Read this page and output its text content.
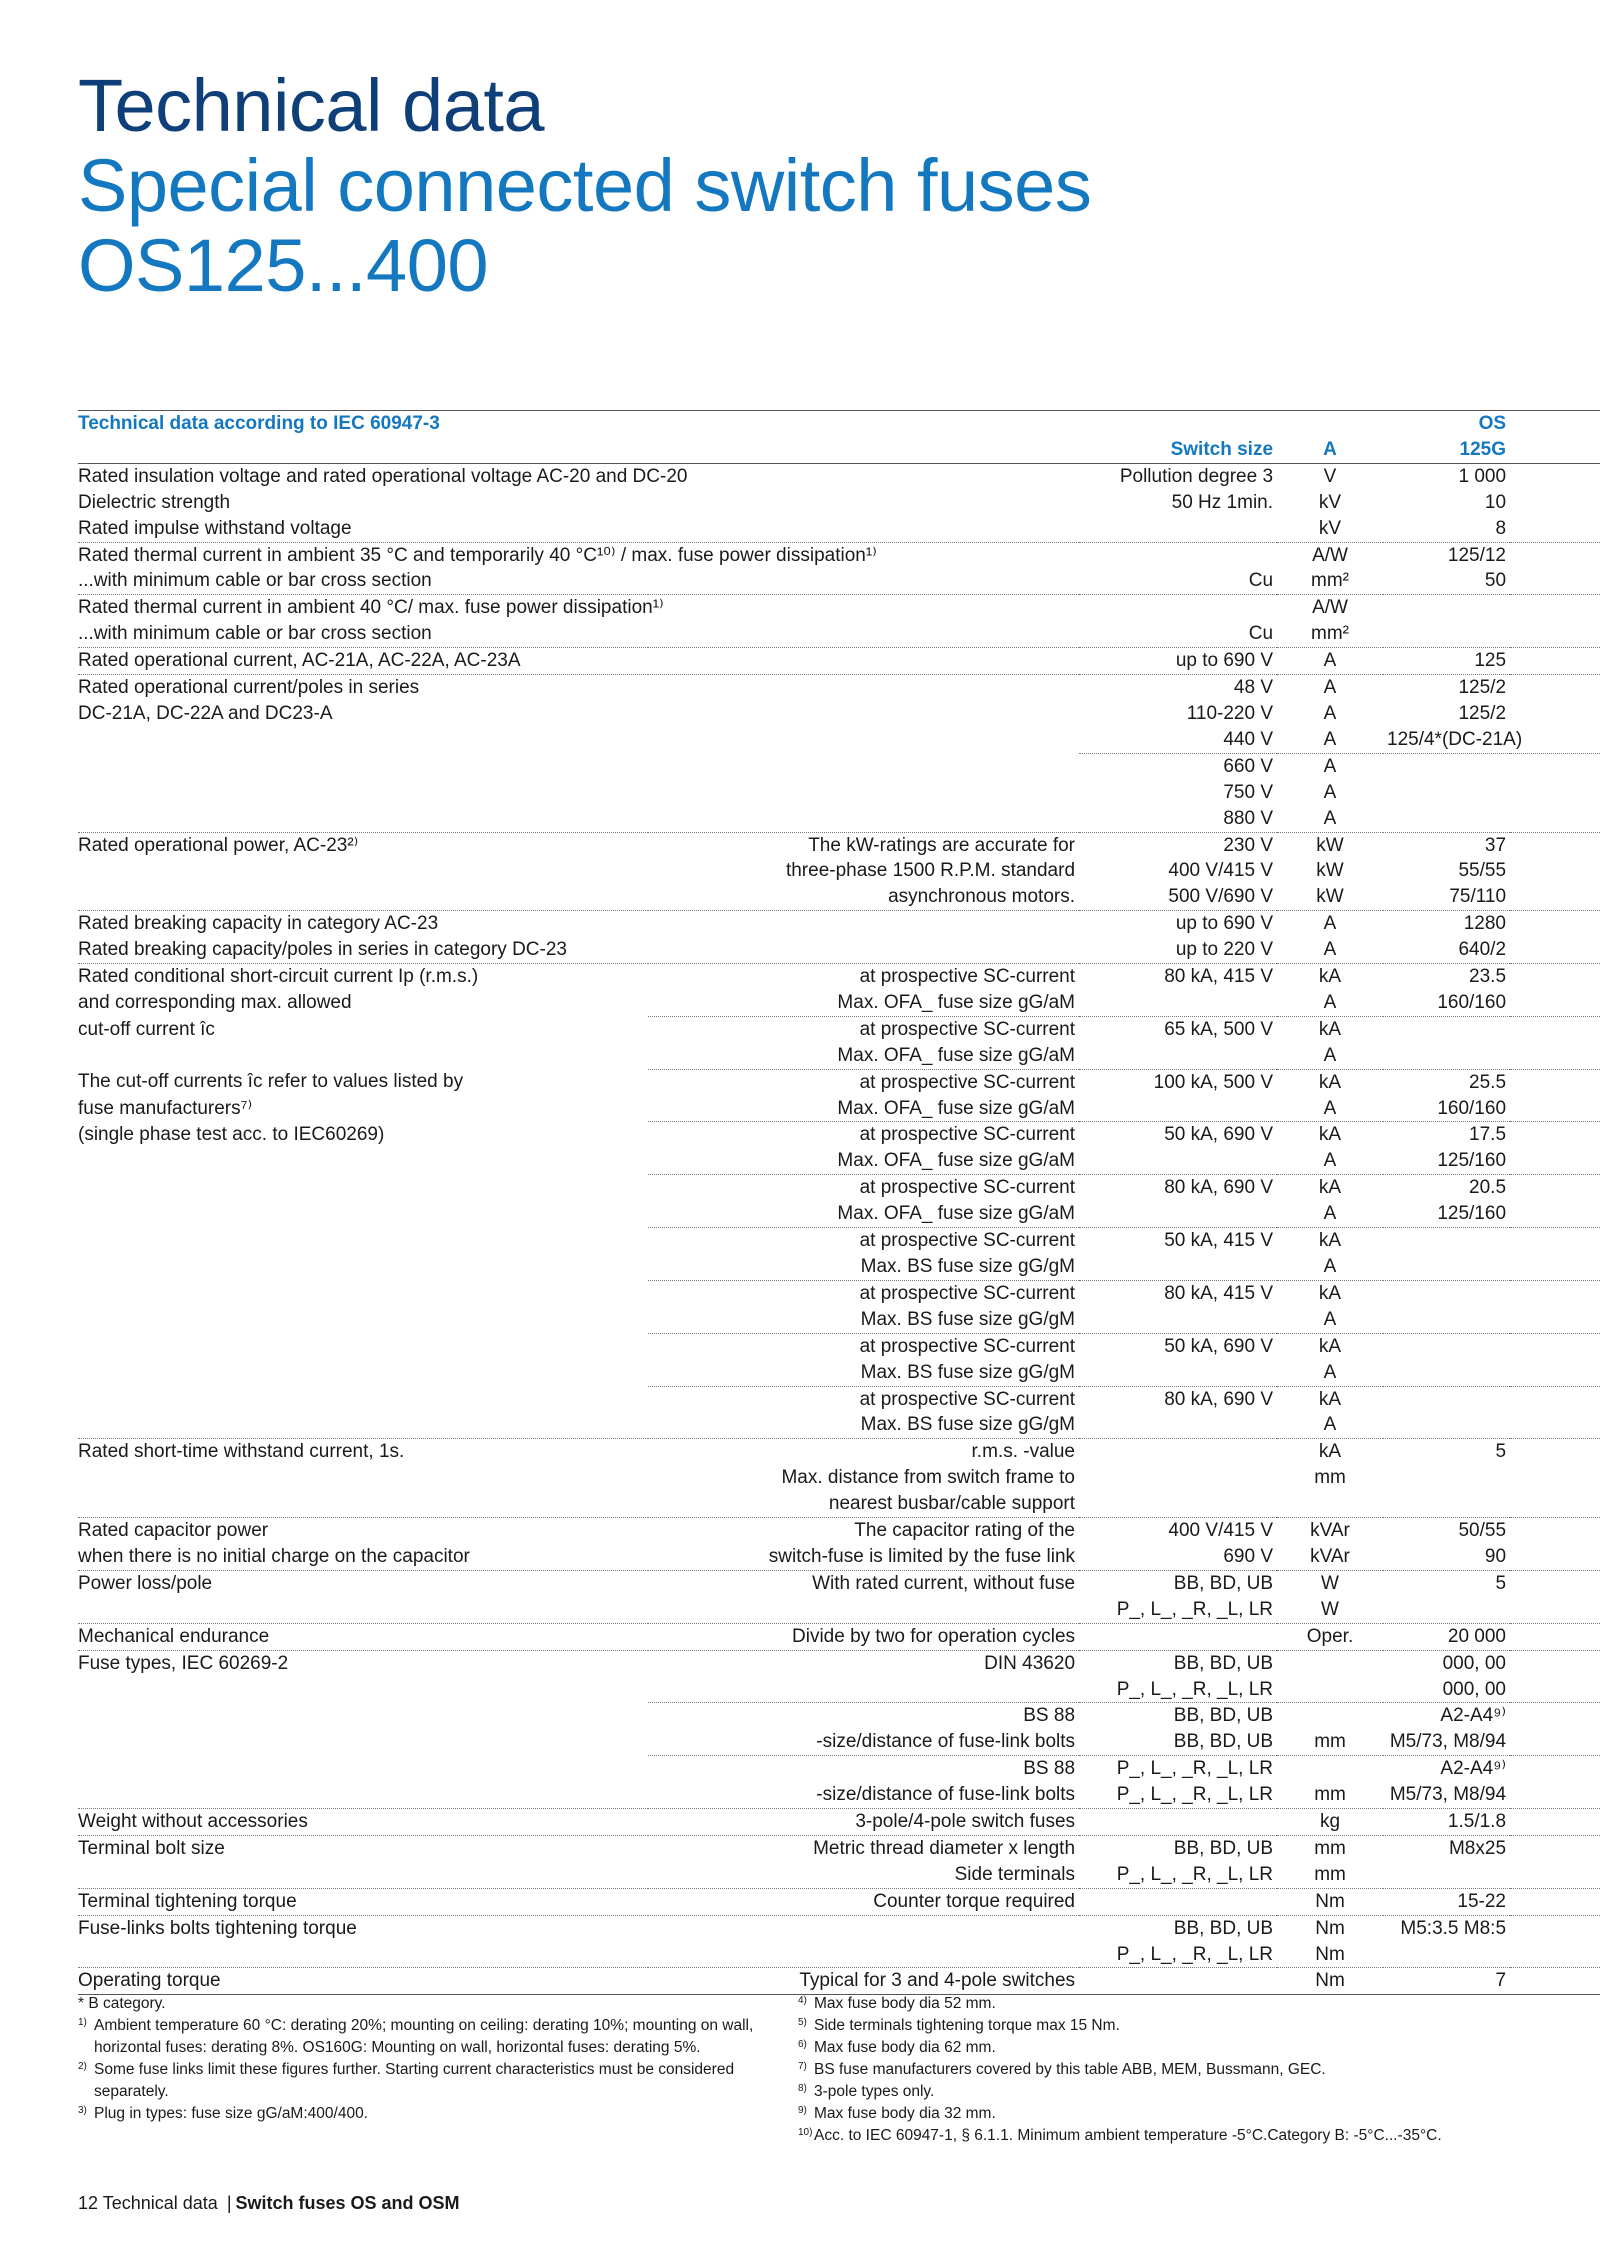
Technical data
Special connected switch fuses
OS125...400
Technical data according to IEC 60947-3				OS	
		Switch size	A	125G	
Rated insulation voltage and rated operational voltage AC-20 and DC-20		Pollution degree 3	V	1 000	
Dielectric strength		50 Hz 1min.	kV	10	
Rated impulse withstand voltage			kV	8	
Rated thermal current in ambient 35 °C and temporarily 40 °C¹⁰⁾ / max. fuse power dissipation¹⁾			A/W	125/12	
...with minimum cable or bar cross section		Cu	mm²	50	
Rated thermal current in ambient 40 °C/ max. fuse power dissipation¹⁾			A/W		
...with minimum cable or bar cross section		Cu	mm²		
Rated operational current, AC-21A, AC-22A, AC-23A		up to 690 V	A	125	
Rated operational current/poles in series		48 V	A	125/2	
DC-21A, DC-22A and DC23-A		110-220 V	A	125/2	
		440 V	A	125/4*(DC-21A)	
		660 V	A		
		750 V	A		
		880 V	A		
Rated operational power, AC-23²⁾	The kW-ratings are accurate for	230 V	kW	37	
	three-phase 1500 R.P.M. standard	400 V/415 V	kW	55/55	
	asynchronous motors.	500 V/690 V	kW	75/110	
Rated breaking capacity in category AC-23		up to 690 V	A	1280	
Rated breaking capacity/poles in series in category DC-23		up to 220 V	A	640/2	
Rated conditional short-circuit current Ip (r.m.s.)	at prospective SC-current	80 kA, 415 V	kA	23.5	
and corresponding max. allowed	Max. OFA_ fuse size gG/aM		A	160/160	
cut-off current îc	at prospective SC-current	65 kA, 500 V	kA		
	Max. OFA_ fuse size gG/aM		A		
The cut-off currents îc refer to values listed by	at prospective SC-current	100 kA, 500 V	kA	25.5	
fuse manufacturers⁷⁾	Max. OFA_ fuse size gG/aM		A	160/160	
(single phase test acc. to IEC60269)	at prospective SC-current	50 kA, 690 V	kA	17.5	
	Max. OFA_ fuse size gG/aM		A	125/160	
	at prospective SC-current	80 kA, 690 V	kA	20.5	
	Max. OFA_ fuse size gG/aM		A	125/160	
	at prospective SC-current	50 kA, 415 V	kA		
	Max. BS fuse size gG/gM		A		
	at prospective SC-current	80 kA, 415 V	kA		
	Max. BS fuse size gG/gM		A		
	at prospective SC-current	50 kA, 690 V	kA		
	Max. BS fuse size gG/gM		A		
	at prospective SC-current	80 kA, 690 V	kA		
	Max. BS fuse size gG/gM		A		
Rated short-time withstand current, 1s.	r.m.s. -value		kA	5	
	Max. distance from switch frame to		mm		
	nearest busbar/cable support				
Rated capacitor power	The capacitor rating of the	400 V/415 V	kVAr	50/55	
when there is no initial charge on the capacitor	switch-fuse is limited by the fuse link	690 V	kVAr	90	
Power loss/pole	With rated current, without fuse	BB, BD, UB	W	5	
		P_, L_, _R, _L, LR	W		
Mechanical endurance	Divide by two for operation cycles		Oper.	20 000	
Fuse types, IEC 60269-2	DIN 43620	BB, BD, UB		000, 00	
		P_, L_, _R, _L, LR		000, 00	
	BS 88	BB, BD, UB		A2-A4⁹⁾	
	-size/distance of fuse-link bolts	BB, BD, UB	mm	M5/73, M8/94	
	BS 88	P_, L_, _R, _L, LR		A2-A4⁹⁾	
	-size/distance of fuse-link bolts	P_, L_, _R, _L, LR	mm	M5/73, M8/94	
Weight without accessories	3-pole/4-pole switch fuses		kg	1.5/1.8	
Terminal bolt size	Metric thread diameter x length	BB, BD, UB	mm	M8x25	
	Side terminals	P_, L_, _R, _L, LR	mm		
Terminal tightening torque	Counter torque required		Nm	15-22	
Fuse-links bolts tightening torque		BB, BD, UB	Nm	M5:3.5 M8:5	
		P_, L_, _R, _L, LR	Nm		
Operating torque	Typical for 3 and 4-pole switches		Nm	7	
* B category.
1) Ambient temperature 60 °C: derating 20%; mounting on ceiling: derating 10%; mounting on wall, horizontal fuses: derating 8%. OS160G: Mounting on wall, horizontal fuses: derating 5%.
2) Some fuse links limit these figures further. Starting current characteristics must be considered separately.
3) Plug in types: fuse size gG/aM:400/400.
4) Max fuse body dia 52 mm.
5) Side terminals tightening torque max 15 Nm.
6) Max fuse body dia 62 mm.
7) BS fuse manufacturers covered by this table ABB, MEM, Bussmann, GEC.
8) 3-pole types only.
9) Max fuse body dia 32 mm.
10) Acc. to IEC 60947-1, § 6.1.1. Minimum ambient temperature -5°C.Category B: -5°C...-35°C.
12 Technical data | Switch fuses OS and OSM
